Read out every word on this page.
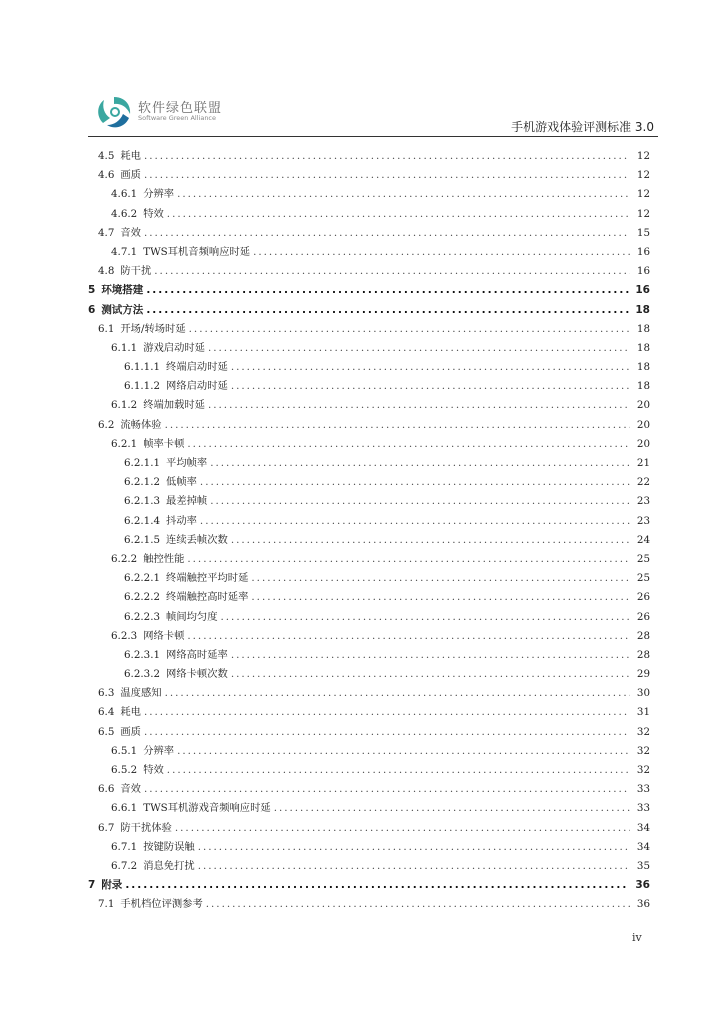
软件绿色联盟
Software Green Alliance
手机游戏体验评测标准 3.0
4.5 耗电 .....	12
4.6 画质 .....	12
4.6.1 分辨率 .....	12
4.6.2 特效 .....	12
4.7 音效 .....	15
4.7.1 TWS耳机音频响应时延 .....	16
4.8 防干扰 .....	16
5 环境搭建 .....	16
6 测试方法 .....	18
6.1 开场/转场时延 .....	18
6.1.1 游戏启动时延 .....	18
6.1.1.1 终端启动时延 .....	18
6.1.1.2 网络启动时延 .....	18
6.1.2 终端加载时延 .....	20
6.2 流畅体验 .....	20
6.2.1 帧率卡顿 .....	20
6.2.1.1 平均帧率 .....	21
6.2.1.2 低帧率 .....	22
6.2.1.3 最差掉帧 .....	23
6.2.1.4 抖动率 .....	23
6.2.1.5 连续丢帧次数 .....	24
6.2.2 触控性能 .....	25
6.2.2.1 终端触控平均时延 .....	25
6.2.2.2 终端触控高时延率 .....	26
6.2.2.3 帧间均匀度 .....	26
6.2.3 网络卡顿 .....	28
6.2.3.1 网络高时延率 .....	28
6.2.3.2 网络卡顿次数 .....	29
6.3 温度感知 .....	30
6.4 耗电 .....	31
6.5 画质 .....	32
6.5.1 分辨率 .....	32
6.5.2 特效 .....	32
6.6 音效 .....	33
6.6.1 TWS耳机游戏音频响应时延 .....	33
6.7 防干扰体验 .....	34
6.7.1 按键防误触 .....	34
6.7.2 消息免打扰 .....	35
7 附录 .....	36
7.1 手机档位评测参考 .....	36
iv
